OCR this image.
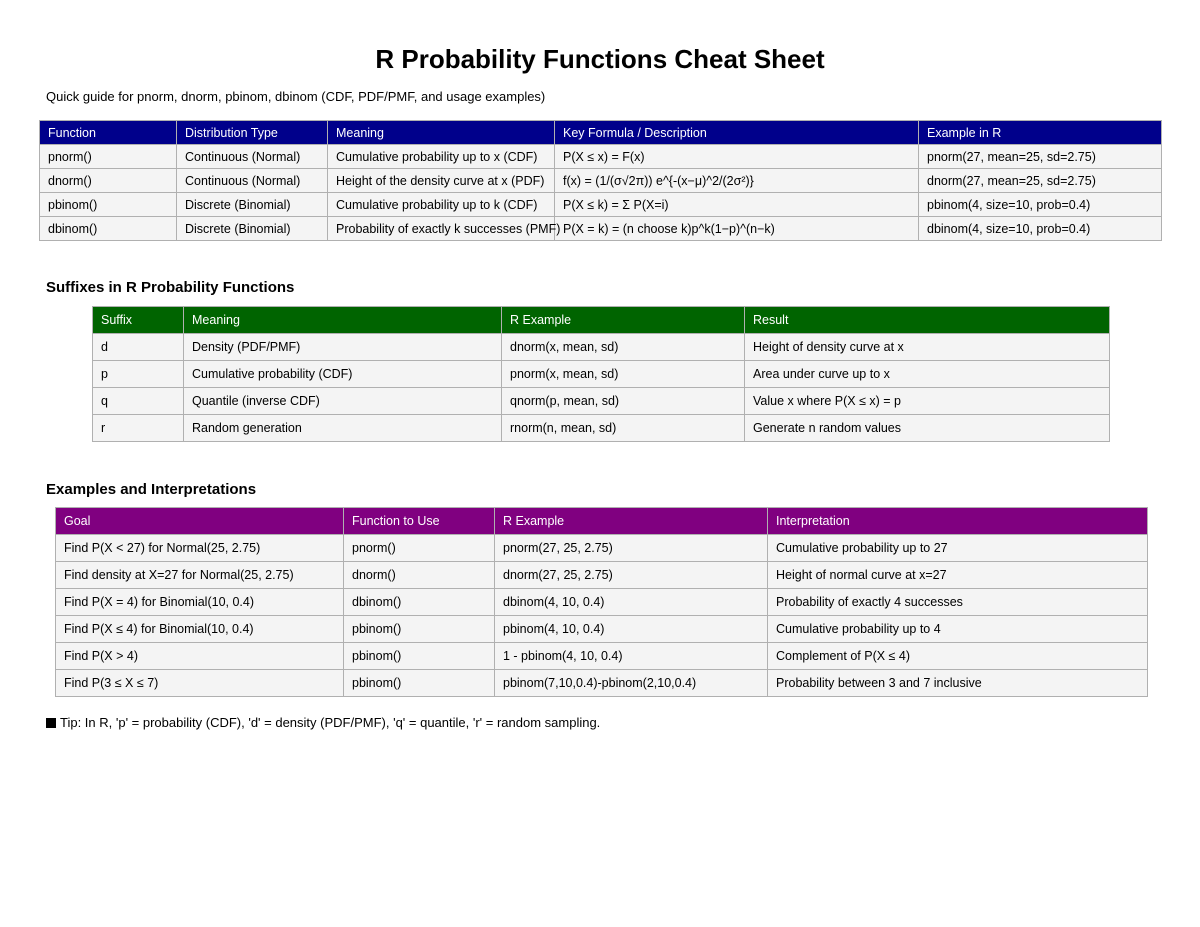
R Probability Functions Cheat Sheet

Quick guide for pnorm, dnorm, pbinom, dbinom (CDF, PDF/PMF, and usage examples)

Function	Distribution Type	Meaning	Key Formula / Description	Example in R
pnorm()	Continuous (Normal)	Cumulative probability up to x (CDF)	P(X ≤ x) = F(x)	pnorm(27, mean=25, sd=2.75)
dnorm()	Continuous (Normal)	Height of the density curve at x (PDF)	f(x) = (1/(σ√2π)) e^{-(x−μ)^2/(2σ²)}	dnorm(27, mean=25, sd=2.75)
pbinom()	Discrete (Binomial)	Cumulative probability up to k (CDF)	P(X ≤ k) = Σ P(X=i)	pbinom(4, size=10, prob=0.4)
dbinom()	Discrete (Binomial)	Probability of exactly k successes (PMF)	P(X = k) = (n choose k)p^k(1−p)^(n−k)	dbinom(4, size=10, prob=0.4)

Suffixes in R Probability Functions

Suffix	Meaning	R Example	Result
d	Density (PDF/PMF)	dnorm(x, mean, sd)	Height of density curve at x
p	Cumulative probability (CDF)	pnorm(x, mean, sd)	Area under curve up to x
q	Quantile (inverse CDF)	qnorm(p, mean, sd)	Value x where P(X ≤ x) = p
r	Random generation	rnorm(n, mean, sd)	Generate n random values

Examples and Interpretations

Goal	Function to Use	R Example	Interpretation
Find P(X < 27) for Normal(25, 2.75)	pnorm()	pnorm(27, 25, 2.75)	Cumulative probability up to 27
Find density at X=27 for Normal(25, 2.75)	dnorm()	dnorm(27, 25, 2.75)	Height of normal curve at x=27
Find P(X = 4) for Binomial(10, 0.4)	dbinom()	dbinom(4, 10, 0.4)	Probability of exactly 4 successes
Find P(X ≤ 4) for Binomial(10, 0.4)	pbinom()	pbinom(4, 10, 0.4)	Cumulative probability up to 4
Find P(X > 4)	pbinom()	1 - pbinom(4, 10, 0.4)	Complement of P(X ≤ 4)
Find P(3 ≤ X ≤ 7)	pbinom()	pbinom(7,10,0.4)-pbinom(2,10,0.4)	Probability between 3 and 7 inclusive

Tip: In R, 'p' = probability (CDF), 'd' = density (PDF/PMF), 'q' = quantile, 'r' = random sampling.
